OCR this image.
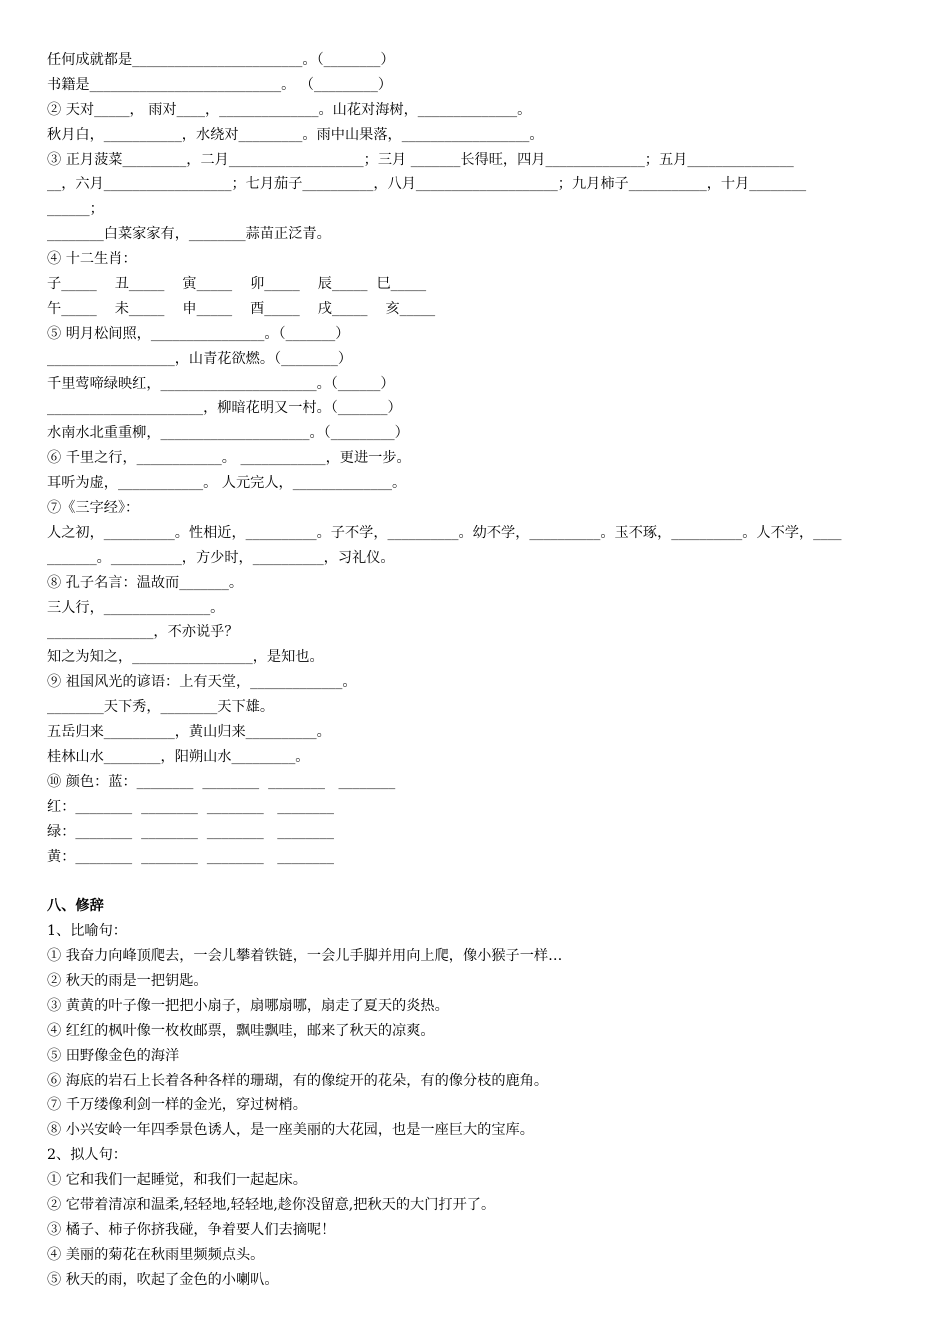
任何成就都是________________________。（________）
书籍是___________________________。 （_________）
② 天对_____， 雨对____，______________。山花对海树，______________。
秋月白，___________，水绕对_________。雨中山果落，__________________。
③ 正月菠菜_________，二月___________________；三月 _______长得旺，四月______________；五月_______________
__，六月__________________；七月茄子__________，八月____________________；九月柿子___________，十月________
______；
________白菜家家有，________蒜苗正泛青。
④ 十二生肖：
子_____    丑_____    寅_____    卯_____    辰_____  巳_____
午_____    未_____    申_____    酉_____    戌_____    亥_____
⑤ 明月松间照，________________。（_______）
__________________，山青花欲燃。（________）
千里莺啼绿映红，______________________。（______）
______________________，柳暗花明又一村。（_______）
水南水北重重柳，_____________________。（_________）
⑥ 千里之行，____________。 ____________，更进一步。
耳听为虚，____________。 人元完人，______________。
⑦《三字经》：
人之初，__________。性相近，__________。子不学，__________。幼不学，__________。玉不琢，__________。人不学，____
_______。__________，方少时，__________，习礼仪。
⑧ 孔子名言：温故而_______。
三人行，_______________。
_______________，不亦说乎？
知之为知之，_________________，是知也。
⑨ 祖国风光的谚语：上有天堂，_____________。
________天下秀，________天下雄。
五岳归来__________，黄山归来__________。
桂林山水________，阳朔山水_________。
⑩ 颜色：蓝：________  ________  ________   ________
红：________  ________  ________   ________
绿：________  ________  ________   ________
黄：________  ________  ________   ________
八、修辞
1、比喻句：
① 我奋力向峰顶爬去，一会儿攀着铁链，一会儿手脚并用向上爬，像小猴子一样…
② 秋天的雨是一把钥匙。
③ 黄黄的叶子像一把把小扇子，扇哪扇哪，扇走了夏天的炎热。
④ 红红的枫叶像一枚枚邮票，飘哇飘哇，邮来了秋天的凉爽。
⑤ 田野像金色的海洋
⑥ 海底的岩石上长着各种各样的珊瑚，有的像绽开的花朵，有的像分枝的鹿角。
⑦ 千万缕像利剑一样的金光，穿过树梢。
⑧ 小兴安岭一年四季景色诱人，是一座美丽的大花园，也是一座巨大的宝库。
2、拟人句：
① 它和我们一起睡觉，和我们一起起床。
② 它带着清凉和温柔,轻轻地,轻轻地,趁你没留意,把秋天的大门打开了。
③ 橘子、柿子你挤我碰，争着要人们去摘呢！
④ 美丽的菊花在秋雨里频频点头。
⑤ 秋天的雨，吹起了金色的小喇叭。
